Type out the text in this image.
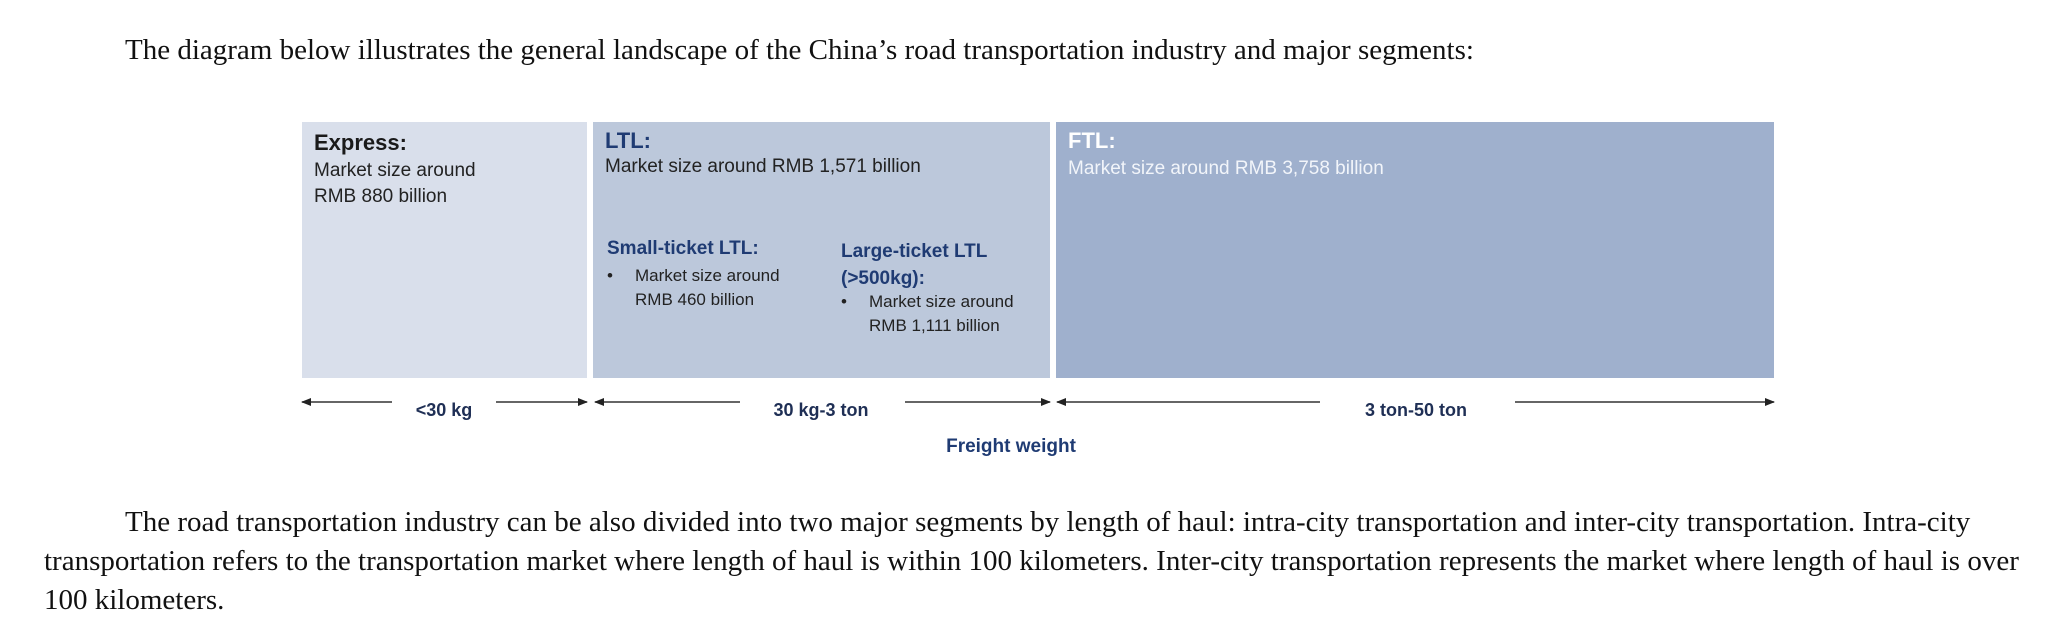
The diagram below illustrates the general landscape of the China’s road transportation industry and major segments:
Express:
Market size around
RMB 880 billion
LTL:
Market size around RMB 1,571 billion
Small-ticket LTL:
•	Market size around
RMB 460 billion
Large-ticket LTL
(>500kg):
•	Market size around
RMB 1,111 billion
FTL:
Market size around RMB 3,758 billion
<30 kg	30 kg-3 ton	3 ton-50 ton
Freight weight
The road transportation industry can be also divided into two major segments by length of haul: intra-city transportation and inter-city transportation. Intra-city transportation refers to the transportation market where length of haul is within 100 kilometers. Inter-city transportation represents the market where length of haul is over 100 kilometers.
